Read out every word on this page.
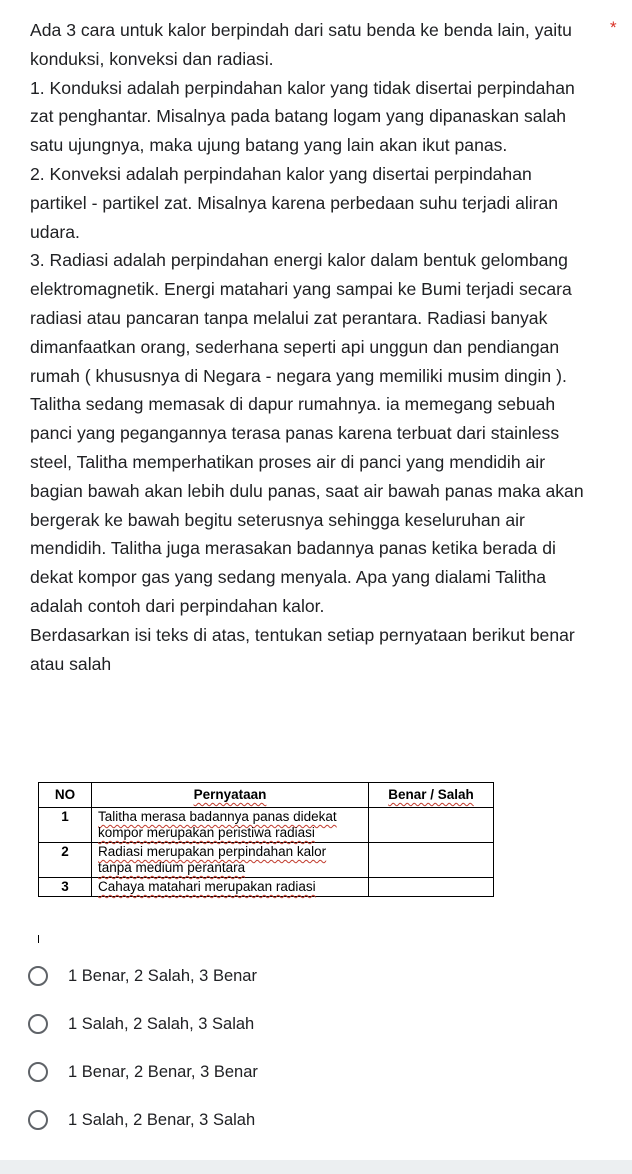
Ada 3 cara untuk kalor berpindah dari satu benda ke benda lain, yaitu konduksi, konveksi dan radiasi.

1. Konduksi adalah perpindahan kalor yang tidak disertai perpindahan zat penghantar. Misalnya pada batang logam yang dipanaskan salah satu ujungnya, maka ujung batang yang lain akan ikut panas.

2. Konveksi adalah perpindahan kalor yang disertai perpindahan partikel - partikel zat. Misalnya karena perbedaan suhu terjadi aliran udara.

3. Radiasi adalah perpindahan energi kalor dalam bentuk gelombang elektromagnetik. Energi matahari yang sampai ke Bumi terjadi secara radiasi atau pancaran tanpa melalui zat perantara. Radiasi banyak dimanfaatkan orang, sederhana seperti api unggun dan pendiangan rumah ( khususnya di Negara - negara yang memiliki musim dingin ).

Talitha sedang memasak di dapur rumahnya. ia memegang sebuah panci yang pegangannya terasa panas karena terbuat dari stainless steel, Talitha memperhatikan proses air di panci yang mendidih air bagian bawah akan lebih dulu panas, saat air bawah panas maka akan bergerak ke bawah begitu seterusnya sehingga keseluruhan air mendidih. Talitha juga merasakan badannya panas ketika berada di dekat kompor gas yang sedang menyala. Apa yang dialami Talitha adalah contoh dari perpindahan kalor.

Berdasarkan isi teks di atas, tentukan setiap pernyataan berikut benar atau salah

*
NO	Pernyataan	Benar / Salah
1	Talitha merasa badannya panas didekat kompor merupakan peristiwa radiasi	
2	Radiasi merupakan perpindahan kalor tanpa medium perantara	
3	Cahaya matahari merupakan radiasi	
1 Benar, 2 Salah, 3 Benar
1 Salah, 2 Salah, 3 Salah
1 Benar, 2 Benar, 3 Benar
1 Salah, 2 Benar, 3 Salah
